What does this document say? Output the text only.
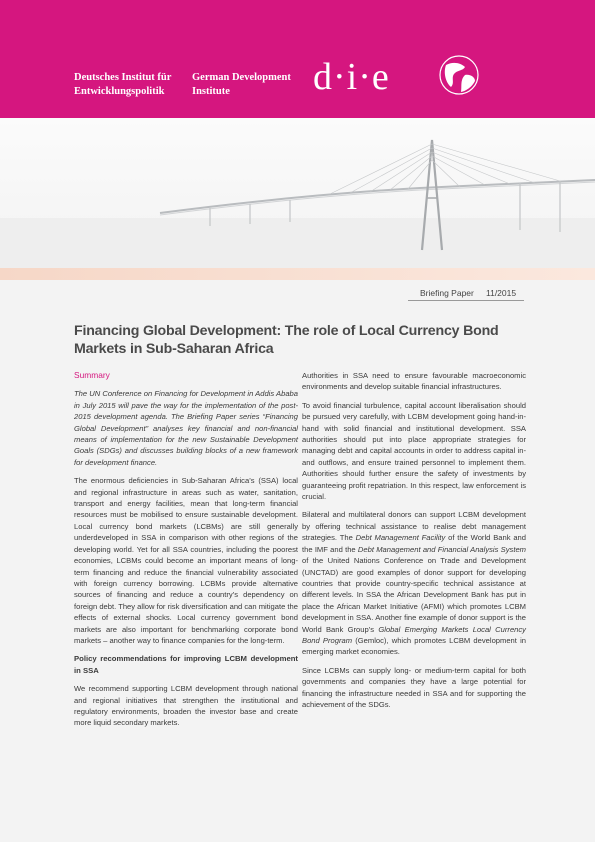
Deutsches Institut für
Entwicklungspolitik

German Development
Institute	d·i·e

Briefing Paper 11/2015

Financing Global Development: The role of Local Currency Bond Markets in Sub-Saharan Africa

Summary

The UN Conference on Financing for Development in Addis Ababa in July 2015 will pave the way for the implementation of the post-2015 development agenda. The Briefing Paper series “Financing Global Development” analyses key financial and non-financial means of implementation for the new Sustainable Development Goals (SDGs) and discusses building blocks of a new framework for development finance.

The enormous deficiencies in Sub-Saharan Africa’s (SSA) local and regional infrastructure in areas such as water, sanitation, transport and energy facilities, mean that long-term financial resources must be mobilised to ensure sustainable development. Local currency bond markets (LCBMs) are still generally underdeveloped in SSA in comparison with other regions of the developing world. Yet for all SSA countries, including the poorest economies, LCBMs could become an important means of long-term financing and reduce the financial vulnerability associated with foreign currency borrowing. LCBMs provide alternative sources of financing and reduce a country’s dependency on foreign debt. They allow for risk diversification and can mitigate the effects of external shocks. Local currency government bond markets are also important for benchmarking corporate bond markets – another way to finance companies for the long-term.

Policy recommendations for improving LCBM development in SSA

We recommend supporting LCBM development through national and regional initiatives that strengthen the institutional and regulatory environments, broaden the investor base and create more liquid secondary markets.

Authorities in SSA need to ensure favourable macroeconomic environments and develop suitable financial infrastructures.

To avoid financial turbulence, capital account liberalisation should be pursued very carefully, with LCBM development going hand-in-hand with solid financial and institutional development. SSA authorities should put into place appropriate strategies for managing debt and capital accounts in order to address capital in- and outflows, and ensure trained personnel to implement them. Authorities should further ensure the safety of investments by guaranteeing profit repatriation. In this respect, law enforcement is crucial.

Bilateral and multilateral donors can support LCBM development by offering technical assistance to realise debt management strategies. The Debt Management Facility of the World Bank and the IMF and the Debt Management and Financial Analysis System of the United Nations Conference on Trade and Development (UNCTAD) are good examples of donor support for developing countries that provide country-specific technical assistance at different levels. In SSA the African Development Bank has put in place the African Market Initiative (AFMI) which promotes LCBM development in SSA. Another fine example of donor support is the World Bank Group’s Global Emerging Markets Local Currency Bond Program (Gemloc), which promotes LCBM development in emerging market economies.

Since LCBMs can supply long- or medium-term capital for both governments and companies they have a large potential for financing the infrastructure needed in SSA and for supporting the achievement of the SDGs.
